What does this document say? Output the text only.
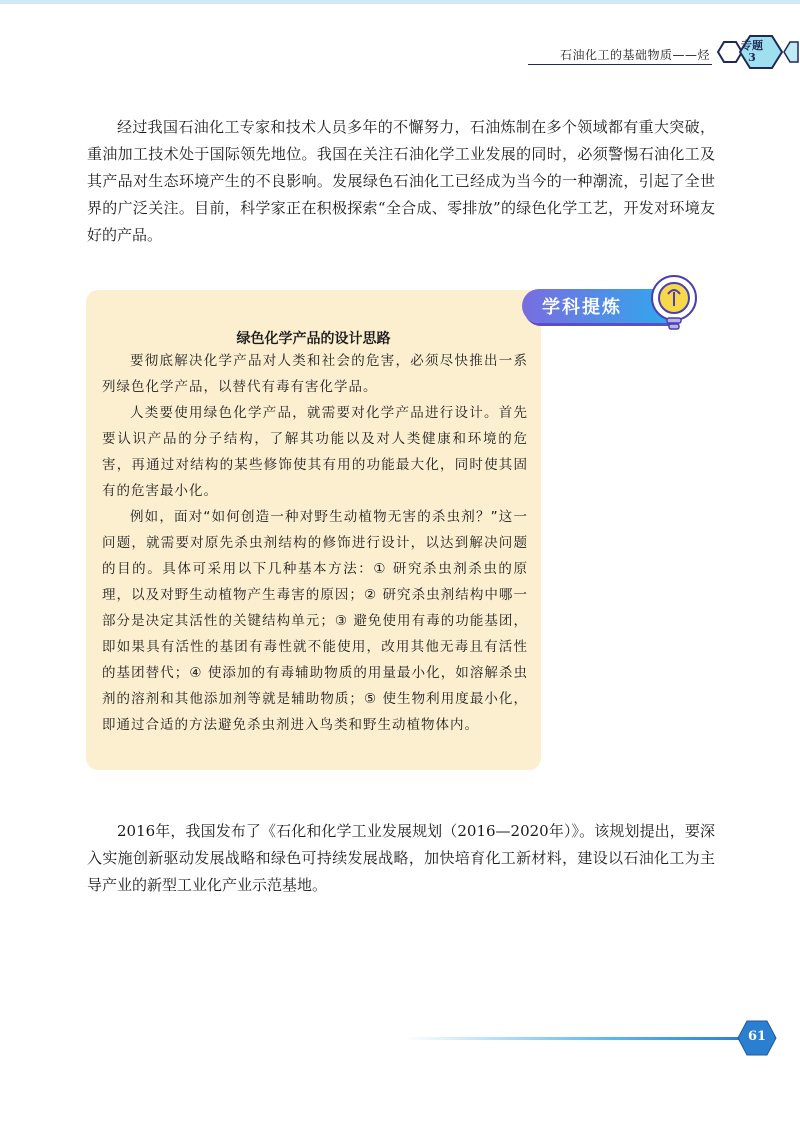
石油化工的基础物质——烃
专题
3

经过我国石油化工专家和技术人员多年的不懈努力，石油炼制在多个领域都有重大突破，重油加工技术处于国际领先地位。我国在关注石油化学工业发展的同时，必须警惕石油化工及其产品对生态环境产生的不良影响。发展绿色石油化工已经成为当今的一种潮流，引起了全世界的广泛关注。目前，科学家正在积极探索“全合成、零排放”的绿色化学工艺，开发对环境友好的产品。

绿色化学产品的设计思路

要彻底解决化学产品对人类和社会的危害，必须尽快推出一系列绿色化学产品，以替代有毒有害化学品。

人类要使用绿色化学产品，就需要对化学产品进行设计。首先要认识产品的分子结构，了解其功能以及对人类健康和环境的危害，再通过对结构的某些修饰使其有用的功能最大化，同时使其固有的危害最小化。

例如，面对“如何创造一种对野生动植物无害的杀虫剂？”这一问题，就需要对原先杀虫剂结构的修饰进行设计，以达到解决问题的目的。具体可采用以下几种基本方法：① 研究杀虫剂杀虫的原理，以及对野生动植物产生毒害的原因；② 研究杀虫剂结构中哪一部分是决定其活性的关键结构单元；③ 避免使用有毒的功能基团，即如果具有活性的基团有毒性就不能使用，改用其他无毒且有活性的基团替代；④ 使添加的有毒辅助物质的用量最小化，如溶解杀虫剂的溶剂和其他添加剂等就是辅助物质；⑤ 使生物利用度最小化，即通过合适的方法避免杀虫剂进入鸟类和野生动植物体内。

学科提炼

2016年，我国发布了《石化和化学工业发展规划（2016—2020年）》。该规划提出，要深入实施创新驱动发展战略和绿色可持续发展战略，加快培育化工新材料，建设以石油化工为主导产业的新型工业化产业示范基地。

61
